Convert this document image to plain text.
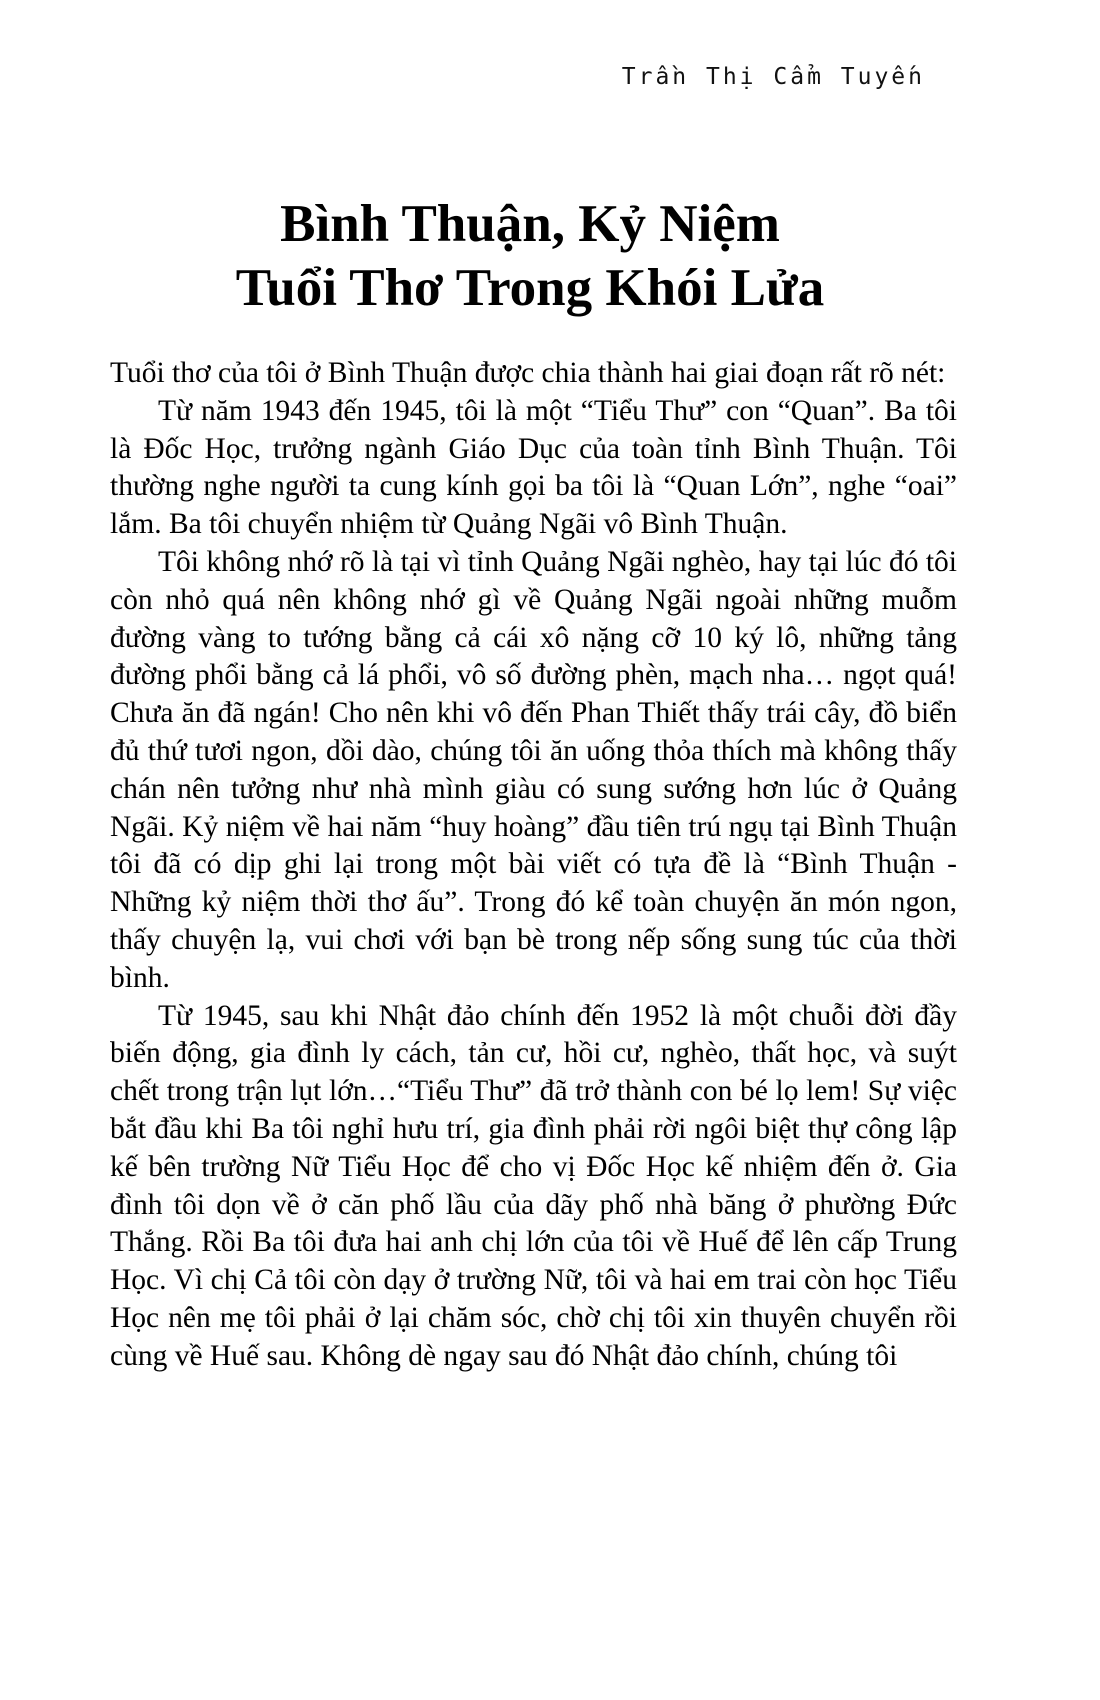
Trần Thị Cẩm Tuyến
Bình Thuận, Kỷ Niệm
Tuổi Thơ Trong Khói Lửa

Tuổi thơ của tôi ở Bình Thuận được chia thành hai giai đoạn rất rõ nét:

Từ năm 1943 đến 1945, tôi là một “Tiểu Thư” con “Quan”. Ba tôi là Đốc Học, trưởng ngành Giáo Dục của toàn tỉnh Bình Thuận. Tôi thường nghe người ta cung kính gọi ba tôi là “Quan Lớn”, nghe “oai” lắm. Ba tôi chuyển nhiệm từ Quảng Ngãi vô Bình Thuận.

Tôi không nhớ rõ là tại vì tỉnh Quảng Ngãi nghèo, hay tại lúc đó tôi còn nhỏ quá nên không nhớ gì về Quảng Ngãi ngoài những muỗm đường vàng to tướng bằng cả cái xô nặng cỡ 10 ký lô, những tảng đường phổi bằng cả lá phổi, vô số đường phèn, mạch nha… ngọt quá! Chưa ăn đã ngán! Cho nên khi vô đến Phan Thiết thấy trái cây, đồ biển đủ thứ tươi ngon, dồi dào, chúng tôi ăn uống thỏa thích mà không thấy chán nên tưởng như nhà mình giàu có sung sướng hơn lúc ở Quảng Ngãi. Kỷ niệm về hai năm “huy hoàng” đầu tiên trú ngụ tại Bình Thuận tôi đã có dịp ghi lại trong một bài viết có tựa đề là “Bình Thuận - Những kỷ niệm thời thơ ấu”. Trong đó kể toàn chuyện ăn món ngon, thấy chuyện lạ, vui chơi với bạn bè trong nếp sống sung túc của thời bình.

Từ 1945, sau khi Nhật đảo chính đến 1952 là một chuỗi đời đầy biến động, gia đình ly cách, tản cư, hồi cư, nghèo, thất học, và suýt chết trong trận lụt lớn…“Tiểu Thư” đã trở thành con bé lọ lem! Sự việc bắt đầu khi Ba tôi nghỉ hưu trí, gia đình phải rời ngôi biệt thự công lập kế bên trường Nữ Tiểu Học để cho vị Đốc Học kế nhiệm đến ở. Gia đình tôi dọn về ở căn phố lầu của dãy phố nhà băng ở phường Đức Thắng. Rồi Ba tôi đưa hai anh chị lớn của tôi về Huế để lên cấp Trung Học. Vì chị Cả tôi còn dạy ở trường Nữ, tôi và hai em trai còn học Tiểu Học nên mẹ tôi phải ở lại chăm sóc, chờ chị tôi xin thuyên chuyển rồi cùng về Huế sau. Không dè ngay sau đó Nhật đảo chính, chúng tôi
